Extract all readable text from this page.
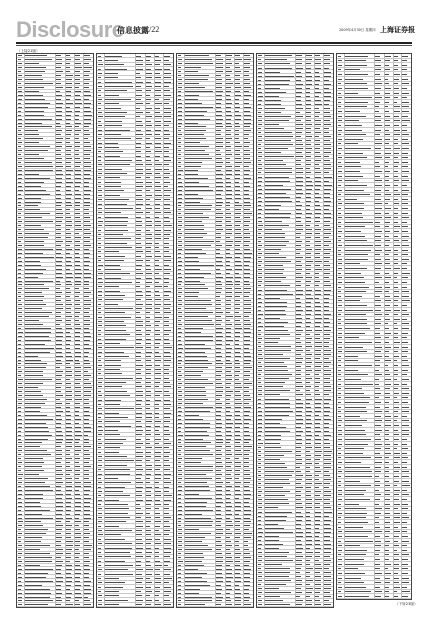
Disclosure
信息披露 /22	2009年4月30日 星期四 上海证券报
（上接21版）
（下转23版）
